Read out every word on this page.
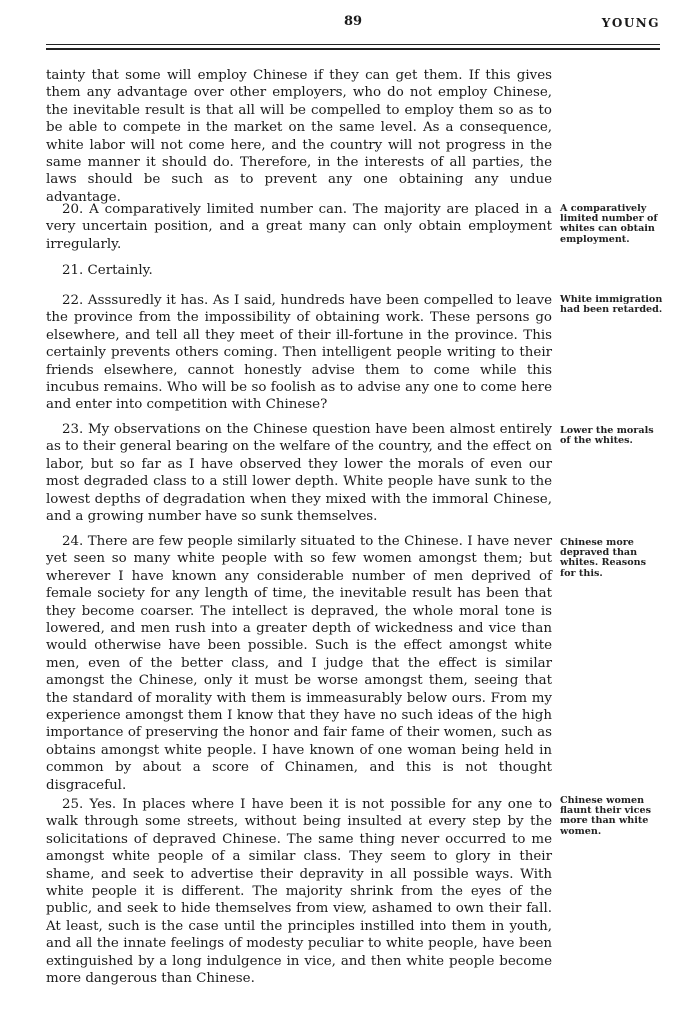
89	YOUNG
tainty that some will employ Chinese if they can get them. If this gives them any advantage over other employers, who do not employ Chinese, the inevitable result is that all will be compelled to employ them so as to be able to compete in the market on the same level. As a consequence, white labor will not come here, and the country will not progress in the same manner it should do. Therefore, in the interests of all parties, the laws should be such as to prevent any one obtaining any undue advantage.
20. A comparatively limited number can. The majority are placed in a very uncertain position, and a great many can only obtain employment irregularly.
A comparatively limited number of whites can obtain employment.
21. Certainly.
22. Asssuredly it has. As I said, hundreds have been compelled to leave the province from the impossibility of obtaining work. These persons go elsewhere, and tell all they meet of their ill-fortune in the province. This certainly prevents others coming. Then intelligent people writing to their friends elsewhere, cannot honestly advise them to come while this incubus remains. Who will be so foolish as to advise any one to come here and enter into competition with Chinese?
White immigration had been retarded.
23. My observations on the Chinese question have been almost entirely as to their general bearing on the welfare of the country, and the effect on labor, but so far as I have observed they lower the morals of even our most degraded class to a still lower depth. White people have sunk to the lowest depths of degradation when they mixed with the immoral Chinese, and a growing number have so sunk themselves.
Lower the morals of the whites.
24. There are few people similarly situated to the Chinese. I have never yet seen so many white people with so few women amongst them; but wherever I have known any considerable number of men deprived of female society for any length of time, the inevitable result has been that they become coarser. The intellect is depraved, the whole moral tone is lowered, and men rush into a greater depth of wickedness and vice than would otherwise have been possible. Such is the effect amongst white men, even of the better class, and I judge that the effect is similar amongst the Chinese, only it must be worse amongst them, seeing that the standard of morality with them is immeasurably below ours. From my experience amongst them I know that they have no such ideas of the high importance of preserving the honor and fair fame of their women, such as obtains amongst white people. I have known of one woman being held in common by about a score of Chinamen, and this is not thought disgraceful.
Chinese more depraved than whites. Reasons for this.
25. Yes. In places where I have been it is not possible for any one to walk through some streets, without being insulted at every step by the solicitations of depraved Chinese. The same thing never occurred to me amongst white people of a similar class. They seem to glory in their shame, and seek to advertise their depravity in all possible ways. With white people it is different. The majority shrink from the eyes of the public, and seek to hide themselves from view, ashamed to own their fall. At least, such is the case until the principles instilled into them in youth, and all the innate feelings of modesty peculiar to white people, have been extinguished by a long indulgence in vice, and then white people become more dangerous than Chinese.
Chinese women flaunt their vices more than white women.
